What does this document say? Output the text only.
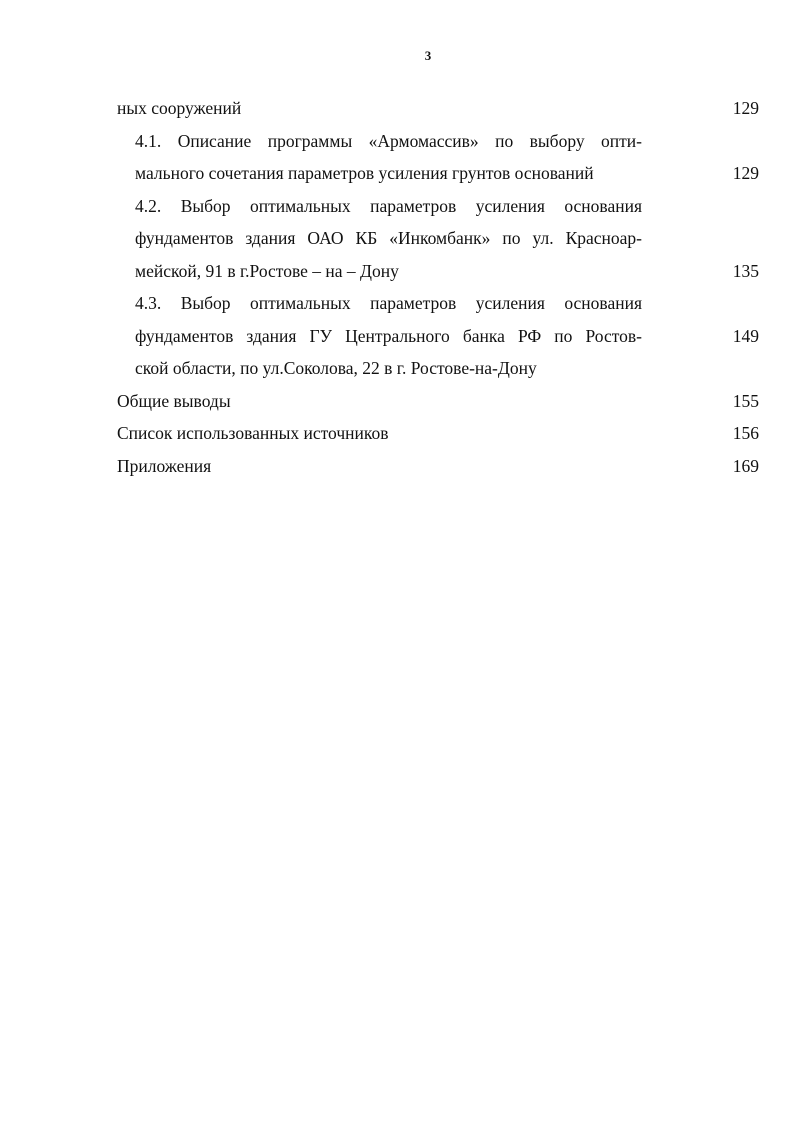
3
ных сооружений	129
4.1. Описание программы «Армомассив» по выбору опти-
мального сочетания параметров усиления грунтов оснований	129
4.2. Выбор оптимальных параметров усиления основания
фундаментов здания ОАО КБ «Инкомбанк» по ул. Красноар-
мейской, 91 в г.Ростове – на – Дону	135
4.3. Выбор оптимальных параметров усиления основания
фундаментов здания ГУ Центрального банка РФ по Ростов-	149
ской области, по ул.Соколова, 22 в г. Ростове-на-Дону
Общие выводы	155
Список использованных источников	156
Приложения	169
